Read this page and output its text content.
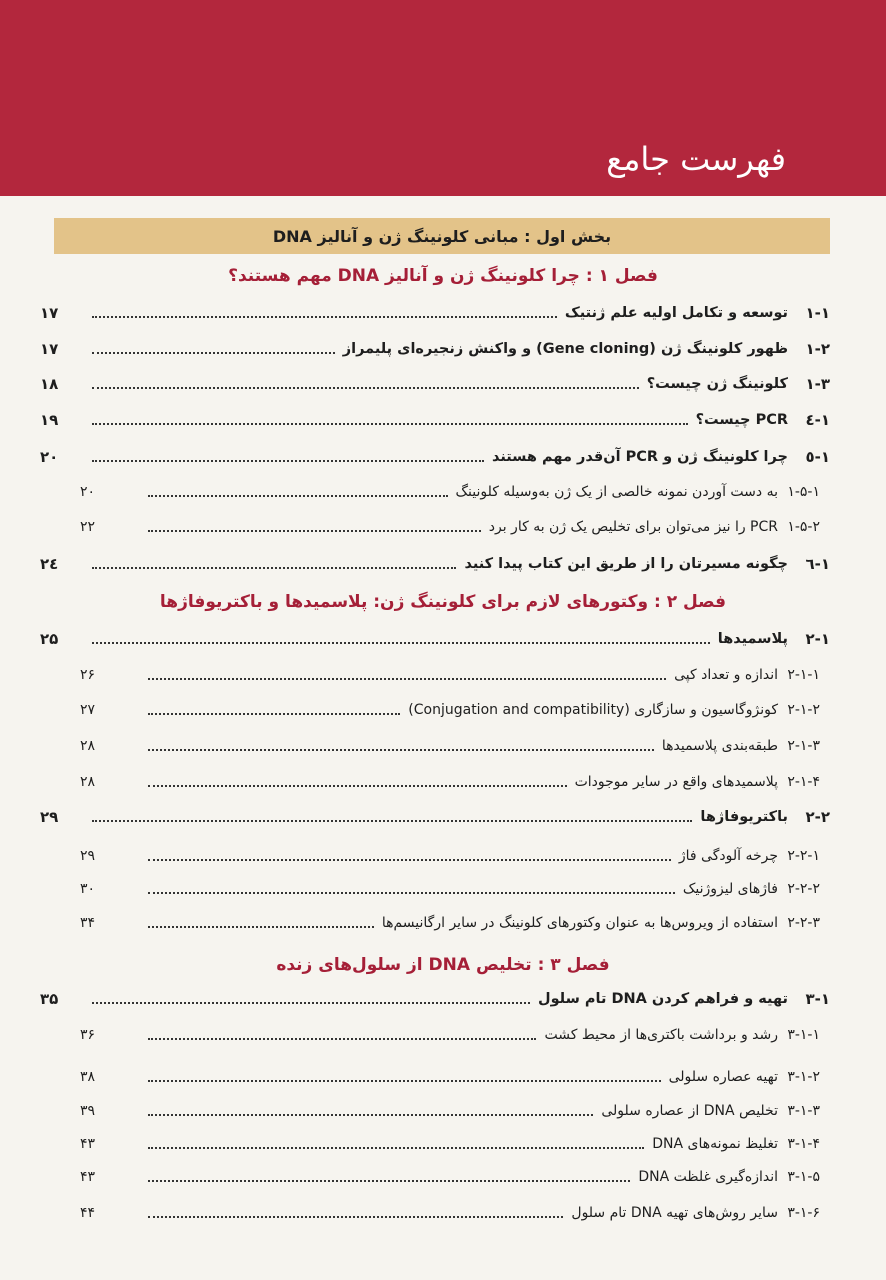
فهرست جامع
بخش اول : مبانی کلونینگ ژن و آنالیز DNA
فصل ۱ : چرا کلونینگ ژن و آنالیز DNA مهم هستند؟
۱-۱
توسعه و تکامل اولیه علم ژنتیک
۱۷
۱-۲
ظهور کلونینگ ژن (Gene cloning) و واکنش زنجیره‌ای پلیمراز
۱۷
۱-۳
کلونینگ ژن چیست؟
۱۸
۱-٤
PCR چیست؟
۱۹
۱-٥
چرا کلونینگ ژن و PCR آن‌قدر مهم هستند
۲۰
۱-۵-۱
به دست آوردن نمونه خالصی از یک ژن به‌وسیله کلونینگ
۲۰
۱-۵-۲
PCR را نیز می‌توان برای تخلیص یک ژن به کار برد
۲۲
۱-٦
چگونه مسیرتان را از طریق این کتاب پیدا کنید
۲٤
فصل ۲ : وکتورهای لازم برای کلونینگ ژن: پلاسمیدها و باکتریوفاژها
۲-۱
پلاسمیدها
۲۵
۲-۱-۱
اندازه و تعداد کپی
۲۶
۲-۱-۲
کونژوگاسیون و سازگاری (Conjugation and compatibility)
۲۷
۲-۱-۳
طبقه‌بندی پلاسمیدها
۲۸
۲-۱-۴
پلاسمیدهای واقع در سایر موجودات
۲۸
۲-۲
باکتریوفاژها
۲۹
۲-۲-۱
چرخه آلودگی فاژ
۲۹
۲-۲-۲
فاژهای لیزوژنیک
۳۰
۲-۲-۳
استفاده از ویروس‌ها به عنوان وکتورهای کلونینگ در سایر ارگانیسم‌ها
۳۴
فصل ۳ : تخلیص DNA از سلول‌های زنده
۳-۱
تهیه و فراهم کردن DNA تام سلول
۳۵
۳-۱-۱
رشد و برداشت باکتری‌ها از محیط کشت
۳۶
۳-۱-۲
تهیه عصاره سلولی
۳۸
۳-۱-۳
تخلیص DNA از عصاره سلولی
۳۹
۳-۱-۴
تغلیظ نمونه‌های DNA
۴۳
۳-۱-۵
اندازه‌گیری غلظت DNA
۴۳
۳-۱-۶
سایر روش‌های تهیه DNA تام سلول
۴۴
